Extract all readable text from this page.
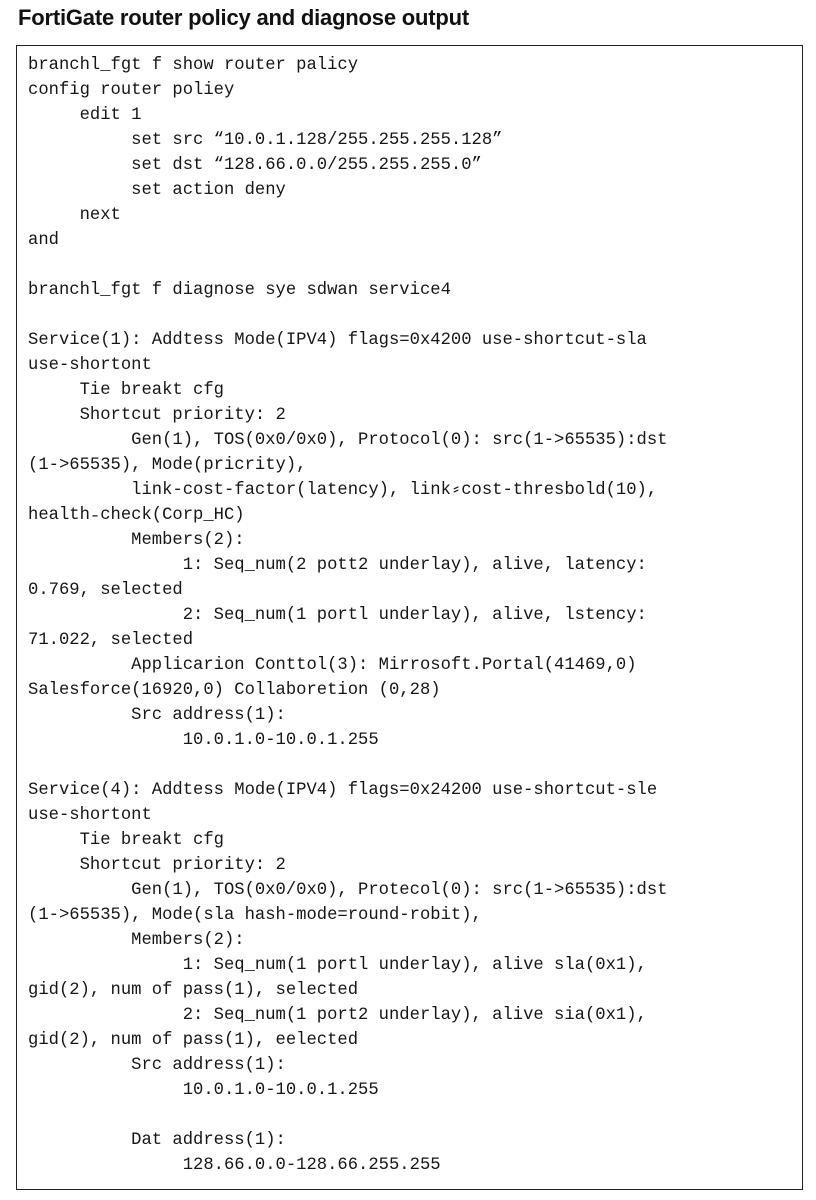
FortiGate router policy and diagnose output
branchl_fgt f show router palicy
config router poliey
edit 1
set src “10.0.1.128/255.255.255.128”
set dst “128.66.0.0/255.255.255.0”
set action deny
next
and
branchl_fgt f diagnose sye sdwan service4
Service(1): Addtess Mode(IPV4) flags=0x4200 use-shortcut-sla
use-shortont
Tie breakt cfg
Shortcut priority: 2
Gen(1), TOS(0x0/0x0), Protocol(0): src(1->65535):dst
(1->65535), Mode(pricrity),
link-cost-factor(latency), link⸗cost-thresbold(10),
health˗check(Corp_HC)
Members(2):
1: Seq_num(2 pott2 underlay), alive, latency:
0.769, selected
2: Seq_num(1 portl underlay), alive, lstency:
71.022, selected
Applicarion Conttol(3): Mirrosoft.Portal(41469,0)
Salesforce(16920,0) Collaboretion (0,28)
Src address(1):
10.0.1.0-10.0.1.255
Service(4): Addtess Mode(IPV4) flags=0x24200 use-shortcut-sle
use-shortont
Tie breakt cfg
Shortcut priority: 2
Gen(1), TOS(0x0/0x0), Protecol(0): src(1->65535):dst
(1->65535), Mode(sla hash-mode=round-robit),
Members(2):
1: Seq_num(1 portl underlay), alive sla(0x1),
gid(2), num of pass(1), selected
2: Seq_num(1 port2 underlay), alive sia(0x1),
gid(2), num of pass(1), eelected
Src address(1):
10.0.1.0-10.0.1.255
Dat address(1):
128.66.0.0-128.66.255.255
